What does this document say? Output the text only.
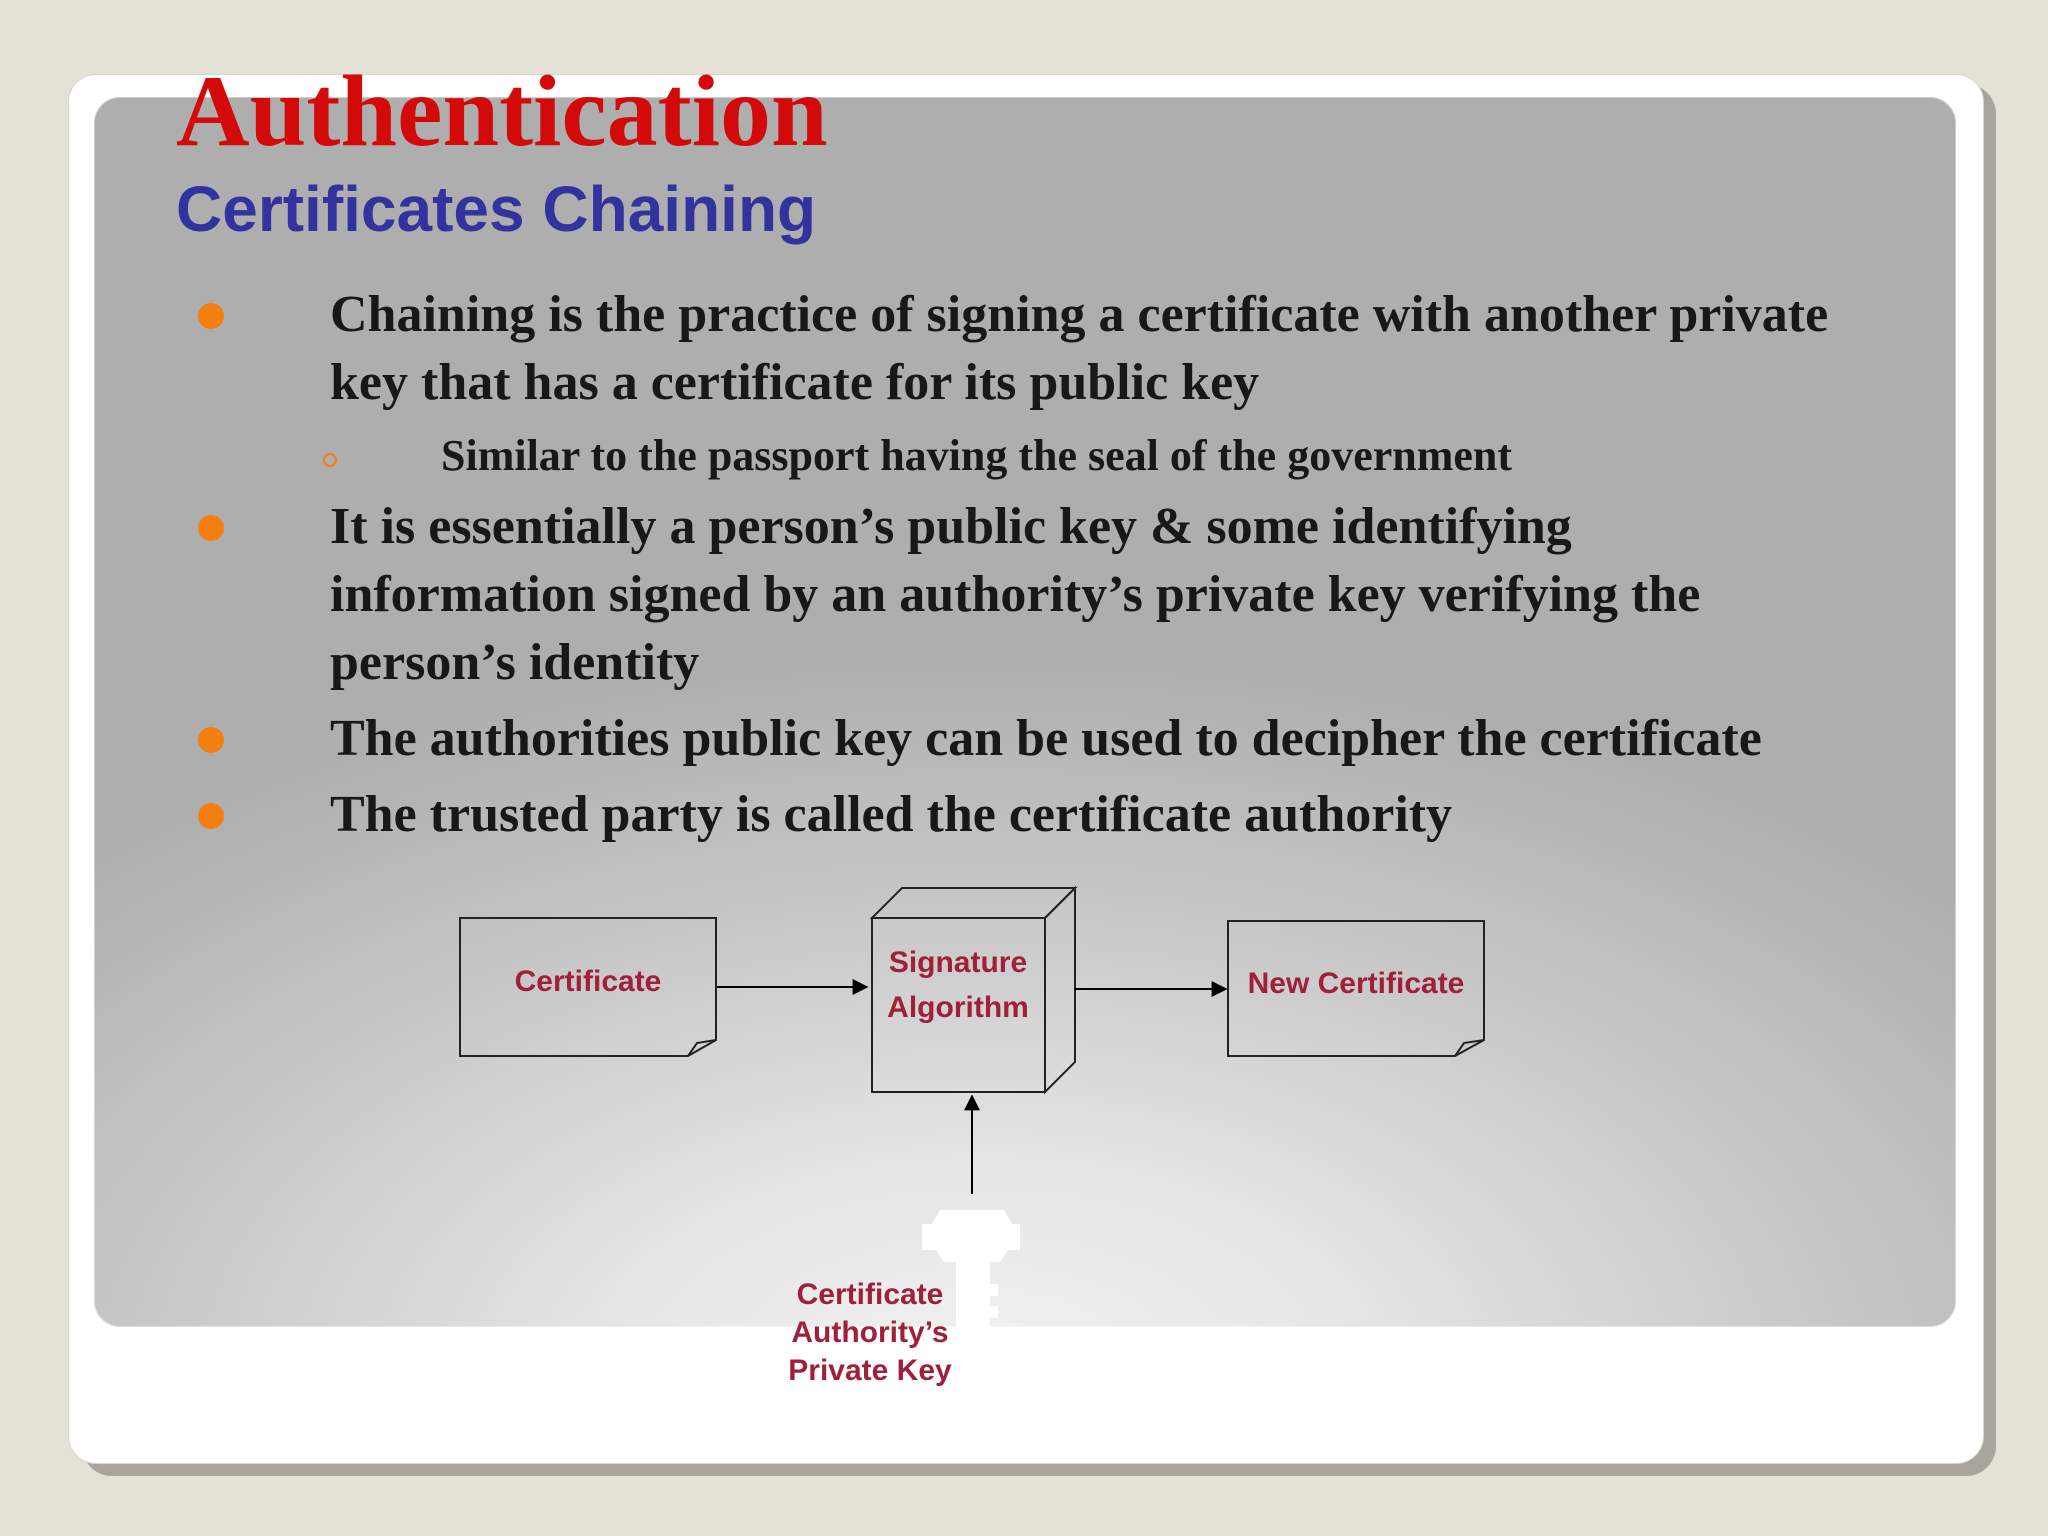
Authentication
Certificates Chaining
Chaining is the practice of signing a certificate with another private
key that has a certificate for its public key
Similar to the passport having the seal of the government
It is essentially a person’s public key & some identifying
information signed by an authority’s private key verifying the
person’s identity
The authorities public key can be used to decipher the certificate
The trusted party is called the certificate authority
Certificate
Signature
Algorithm
New Certificate
Certificate
Authority’s
Private Key
